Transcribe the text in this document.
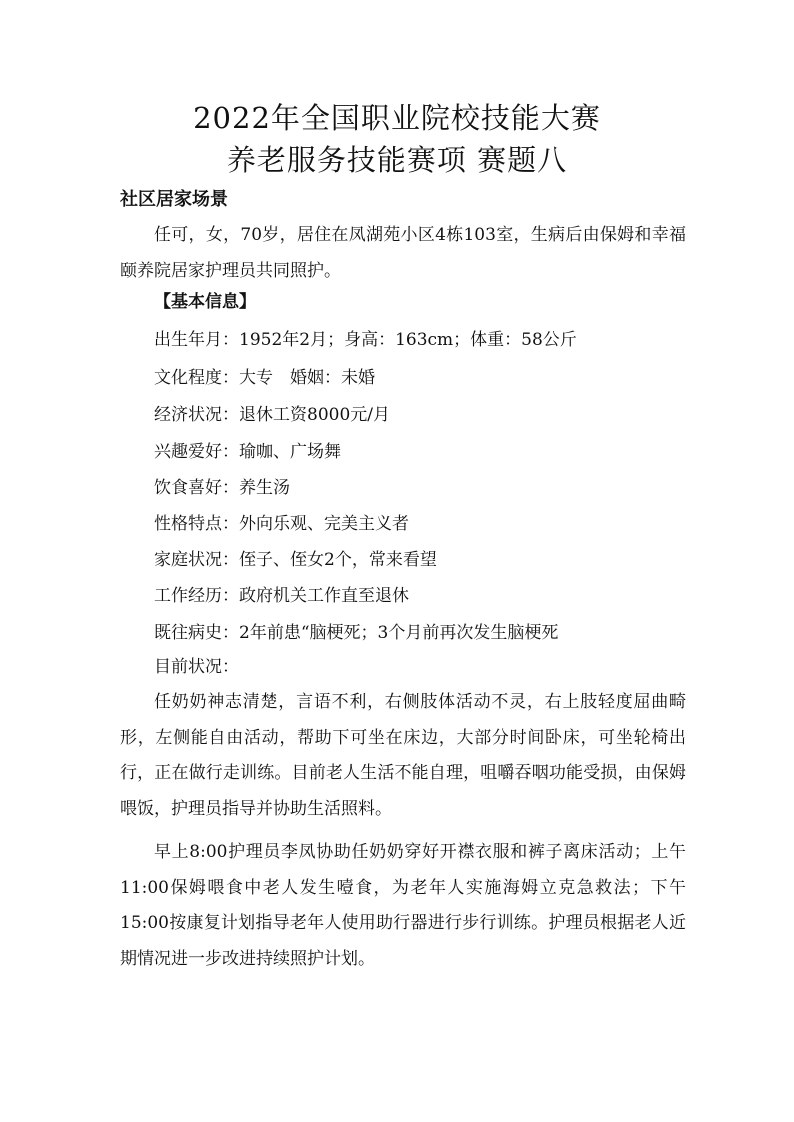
2022年全国职业院校技能大赛
养老服务技能赛项 赛题八
社区居家场景
任可，女，70岁，居住在凤湖苑小区4栋103室，生病后由保姆和幸福颐养院居家护理员共同照护。
【基本信息】
出生年月：1952年2月；身高：163cm；体重：58公斤
文化程度：大专　婚姻：未婚
经济状况：退休工资8000元/月
兴趣爱好：瑜咖、广场舞
饮食喜好：养生汤
性格特点：外向乐观、完美主义者
家庭状况：侄子、侄女2个，常来看望
工作经历：政府机关工作直至退休
既往病史：2年前患“脑梗死；3个月前再次发生脑梗死
目前状况：
任奶奶神志清楚，言语不利，右侧肢体活动不灵，右上肢轻度屈曲畸形，左侧能自由活动，帮助下可坐在床边，大部分时间卧床，可坐轮椅出行，正在做行走训练。目前老人生活不能自理，咀嚼吞咽功能受损，由保姆喂饭，护理员指导并协助生活照料。
早上8:00护理员李凤协助任奶奶穿好开襟衣服和裤子离床活动；上午11:00保姆喂食中老人发生噎食，为老年人实施海姆立克急救法；下午15:00按康复计划指导老年人使用助行器进行步行训练。护理员根据老人近期情况进一步改进持续照护计划。
